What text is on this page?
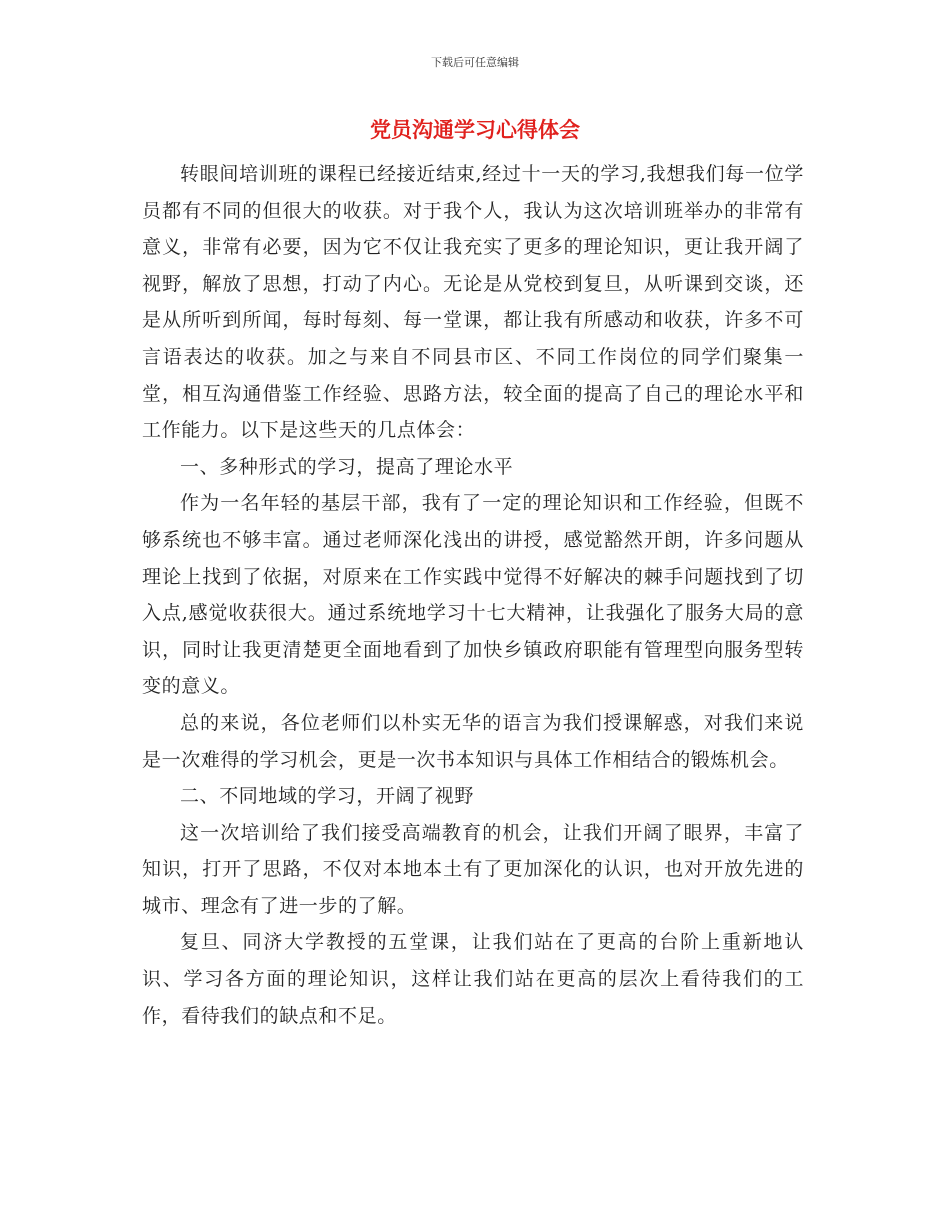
下载后可任意编辑
党员沟通学习心得体会

转眼间培训班的课程已经接近结束,经过十一天的学习,我想我们每一位学员都有不同的但很大的收获。对于我个人，我认为这次培训班举办的非常有意义，非常有必要，因为它不仅让我充实了更多的理论知识，更让我开阔了视野，解放了思想，打动了内心。无论是从党校到复旦，从听课到交谈，还是从所听到所闻，每时每刻、每一堂课，都让我有所感动和收获，许多不可言语表达的收获。加之与来自不同县市区、不同工作岗位的同学们聚集一堂，相互沟通借鉴工作经验、思路方法，较全面的提高了自己的理论水平和工作能力。以下是这些天的几点体会：

一、多种形式的学习，提高了理论水平

作为一名年轻的基层干部，我有了一定的理论知识和工作经验，但既不够系统也不够丰富。通过老师深化浅出的讲授，感觉豁然开朗，许多问题从理论上找到了依据，对原来在工作实践中觉得不好解决的棘手问题找到了切入点,感觉收获很大。通过系统地学习十七大精神，让我强化了服务大局的意识，同时让我更清楚更全面地看到了加快乡镇政府职能有管理型向服务型转变的意义。

总的来说，各位老师们以朴实无华的语言为我们授课解惑，对我们来说是一次难得的学习机会，更是一次书本知识与具体工作相结合的锻炼机会。

二、不同地域的学习，开阔了视野

这一次培训给了我们接受高端教育的机会，让我们开阔了眼界，丰富了知识，打开了思路，不仅对本地本土有了更加深化的认识，也对开放先进的城市、理念有了进一步的了解。

复旦、同济大学教授的五堂课，让我们站在了更高的台阶上重新地认识、学习各方面的理论知识，这样让我们站在更高的层次上看待我们的工作，看待我们的缺点和不足。
